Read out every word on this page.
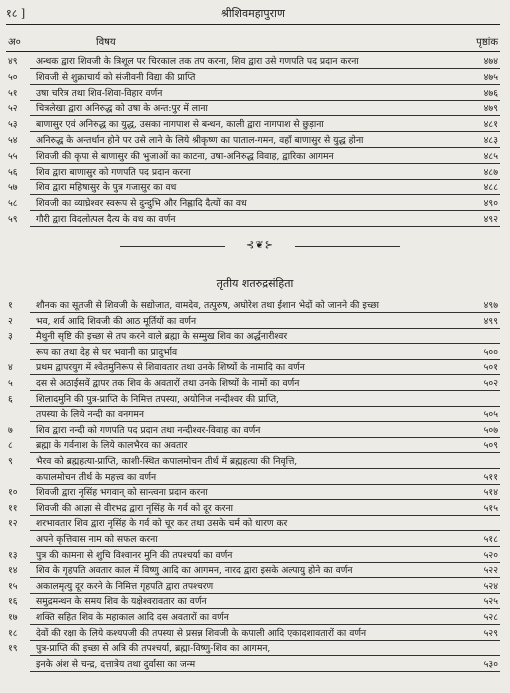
१८ ]	श्रीशिवमहापुराण
अ०	विषय	पृष्ठांक
४९	अन्धक द्वारा शिवजी के त्रिशूल पर चिरकाल तक तप करना, शिव द्वारा उसे गणपति पद प्रदान करना	४७४
५०	शिवजी से शुक्राचार्य को संजीवनी विद्या की प्राप्ति	४७५
५१	उषा चरित्र तथा शिव-शिवा-विहार वर्णन	४७६
५२	चित्रलेखा द्वारा अनिरुद्ध को उषा के अन्त:पुर में लाना	४७९
५३	बाणासुर एवं अनिरुद्ध का युद्ध, उसका नागपाश से बन्धन, काली द्वारा नागपाश से छुड़ाना	४८१
५४	अनिरुद्ध के अन्तर्धान होने पर उसे लाने के लिये श्रीकृष्ण का पाताल-गमन, वहाँ बाणासुर से युद्ध होना	४८३
५५	शिवजी की कृपा से बाणासुर की भुजाओं का काटना, उषा-अनिरुद्ध विवाह, द्वारिका आगमन	४८५
५६	शिव द्वारा बाणासुर को गणपति पद प्रदान करना	४८७
५७	शिव द्वारा महिषासुर के पुत्र गजासुर का वध	४८८
५८	शिवजी का व्याघ्रेश्वर स्वरूप से दुन्दुभि और निह्लादि दैत्यों का वध	४९०
५९	गौरी द्वारा विदलोत्पल दैत्य के वध का वर्णन	४९२
⊰❦⊱
तृतीय शतरुद्रसंहिता
१	शौनक का सूतजी से शिवजी के सद्योजात, वामदेव, तत्पुरुष, अघोरेश तथा ईशान भेदों को जानने की इच्छा	४९७
२	भव, शर्व आदि शिवजी की आठ मूर्तियों का वर्णन	४९९
३	मैथुनी सृष्टि की इच्छा से तप करने वाले ब्रह्मा के सम्मुख शिव का अर्द्धनारीश्वर
रूप का तथा देह से घर भवानी का प्रादुर्भाव	५००
४	प्रथम द्वापरयुग में श्वेतमुनिरूप से शिवावतार तथा उनके शिष्यों के नामादि का वर्णन	५०१
५	दस से अठाईसवें द्वापर तक शिव के अवतारों तथा उनके शिष्यों के नामों का वर्णन	५०२
६	शिलादमुनि की पुत्र-प्राप्ति के निमित्त तपस्या, अयोनिज नन्दीश्वर की प्राप्ति,
तपस्या के लिये नन्दी का वनगमन	५०५
७	शिव द्वारा नन्दी को गणपति पद प्रदान तथा नन्दीश्वर-विवाह का वर्णन	५०७
८	ब्रह्मा के गर्वनाश के लिये कालभैरव का अवतार	५०९
९	भैरव को ब्रह्महत्या-प्राप्ति, काशी-स्थित कपालमोचन तीर्थ में ब्रह्महत्या की निवृत्ति,
कपालमोचन तीर्थ के महत्त्व का वर्णन	५११
१०	शिवजी द्वारा नृसिंह भगवान्‌ को सान्त्वना प्रदान करना	५१४
११	शिवजी की आज्ञा से वीरभद्र द्वारा नृसिंह के गर्व को दूर करना	५१५
१२	शरभावतार शिव द्वारा नृसिंह के गर्व को चूर कर तथा उसके चर्म को धारण कर
अपने कृत्तिवास नाम को सफल करना	५१८
१३	पुत्र की कामना से शुचि विश्वानर मुनि की तपश्चर्या का वर्णन	५२०
१४	शिव के गृहपति अवतार काल में विष्णु आदि का आगमन, नारद द्वारा इसके अल्पायु होने का वर्णन	५२२
१५	अकालमृत्यु दूर करने के निमित्त गृहपति द्वारा तपश्चरण	५२४
१६	समुद्रमन्थन के समय शिव के यक्षेश्वरावतार का वर्णन	५२५
१७	शक्ति सहित शिव के महाकाल आदि दस अवतारों का वर्णन	५२८
१८	देवों की रक्षा के लिये कश्यपजी की तपस्या से प्रसन्न शिवजी के कपाली आदि एकादशावतारों का वर्णन	५२९
१९	पुत्र-प्राप्ति की इच्छा से अत्रि की तपश्चर्या, ब्रह्मा-विष्णु-शिव का आगमन,
इनके अंश से चन्द्र, दत्तात्रेय तथा दुर्वासा का जन्म	५३०
